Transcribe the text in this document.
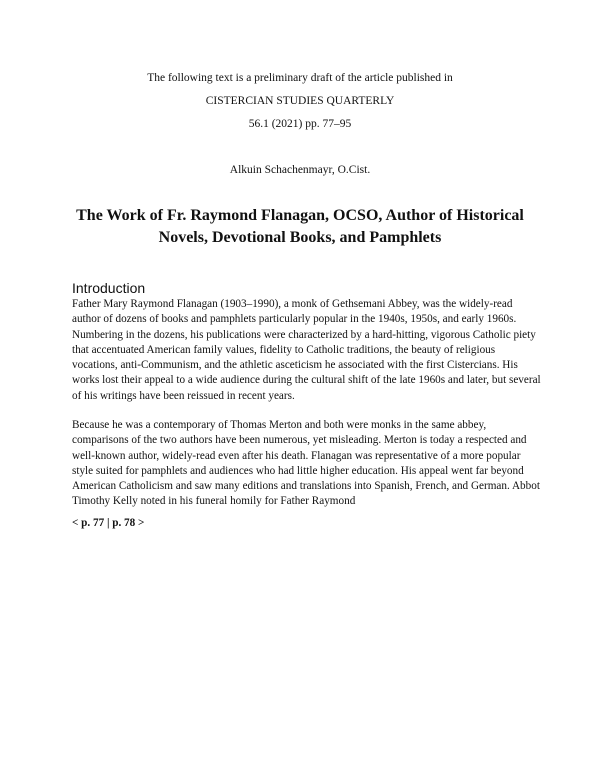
The following text is a preliminary draft of the article published in
CISTERCIAN STUDIES QUARTERLY
56.1 (2021) pp. 77–95
Alkuin Schachenmayr, O.Cist.
The Work of Fr. Raymond Flanagan, OCSO, Author of Historical Novels, Devotional Books, and Pamphlets
Introduction

Father Mary Raymond Flanagan (1903–1990), a monk of Gethsemani Abbey, was the widely-read author of dozens of books and pamphlets particularly popular in the 1940s, 1950s, and early 1960s. Numbering in the dozens, his publications were characterized by a hard-hitting, vigorous Catholic piety that accentuated American family values, fidelity to Catholic traditions, the beauty of religious vocations, anti-Communism, and the athletic asceticism he associated with the first Cistercians. His works lost their appeal to a wide audience during the cultural shift of the late 1960s and later, but several of his writings have been reissued in recent years.

Because he was a contemporary of Thomas Merton and both were monks in the same abbey, comparisons of the two authors have been numerous, yet misleading. Merton is today a respected and well-known author, widely-read even after his death. Flanagan was representative of a more popular style suited for pamphlets and audiences who had little higher education. His appeal went far beyond American Catholicism and saw many editions and translations into Spanish, French, and German. Abbot Timothy Kelly noted in his funeral homily for Father Raymond

< p. 77 | p. 78 >
